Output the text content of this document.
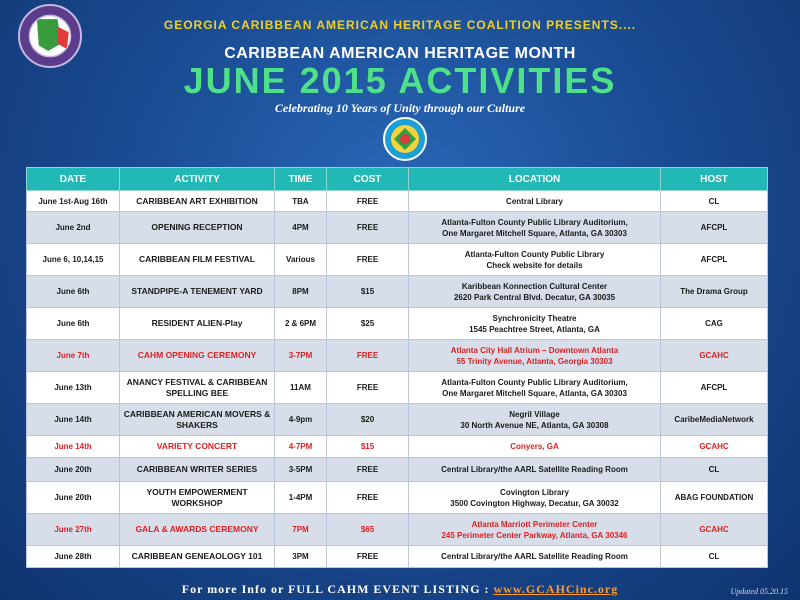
GEORGIA CARIBBEAN AMERICAN HERITAGE COALITION PRESENTS....
CARIBBEAN AMERICAN HERITAGE MONTH
JUNE 2015 ACTIVITIES
Celebrating 10 Years of Unity through our Culture
DATE	ACTIVITY	TIME	COST	LOCATION	HOST
June 1st-Aug 16th	CARIBBEAN ART EXHIBITION	TBA	FREE	Central Library	CL
June 2nd	OPENING RECEPTION	4PM	FREE	Atlanta-Fulton County Public Library Auditorium,
One Margaret Mitchell Square, Atlanta, GA 30303	AFCPL
June 6, 10,14,15	CARIBBEAN FILM FESTIVAL	Various	FREE	Atlanta-Fulton County Public Library
Check website for details	AFCPL
June 6th	STANDPIPE-A TENEMENT YARD	8PM	$15	Karibbean Konnection Cultural Center
2620 Park Central Blvd. Decatur, GA 30035	The Drama Group
June 6th	RESIDENT ALIEN-Play	2 & 6PM	$25	Synchronicity Theatre
1545 Peachtree Street, Atlanta, GA	CAG
June 7th	CAHM OPENING CEREMONY	3-7PM	FREE	Atlanta City Hall Atrium – Downtown Atlanta
55 Trinity Avenue, Atlanta, Georgia 30303	GCAHC
June 13th	ANANCY FESTIVAL & CARIBBEAN SPELLING BEE	11AM	FREE	Atlanta-Fulton County Public Library Auditorium,
One Margaret Mitchell Square, Atlanta, GA 30303	AFCPL
June 14th	CARIBBEAN AMERICAN MOVERS & SHAKERS	4-9pm	$20	Negril Village
30 North Avenue NE, Atlanta, GA 30308	CaribeMediaNetwork
June 14th	VARIETY CONCERT	4-7PM	$15	Conyers, GA	GCAHC
June 20th	CARIBBEAN WRITER SERIES	3-5PM	FREE	Central Library/the AARL Satellite Reading Room	CL
June 20th	YOUTH EMPOWERMENT WORKSHOP	1-4PM	FREE	Covington Library
3500 Covington Highway, Decatur, GA 30032	ABAG FOUNDATION
June 27th	GALA & AWARDS CEREMONY	7PM	$65	Atlanta Marriott Perimeter Center
245 Perimeter Center Parkway, Atlanta, GA 30346	GCAHC
June 28th	CARIBBEAN GENEAOLOGY 101	3PM	FREE	Central Library/the AARL Satellite Reading Room	CL
For more Info or FULL CAHM EVENT LISTING : www.GCAHCinc.org	Updated 05.20.15
